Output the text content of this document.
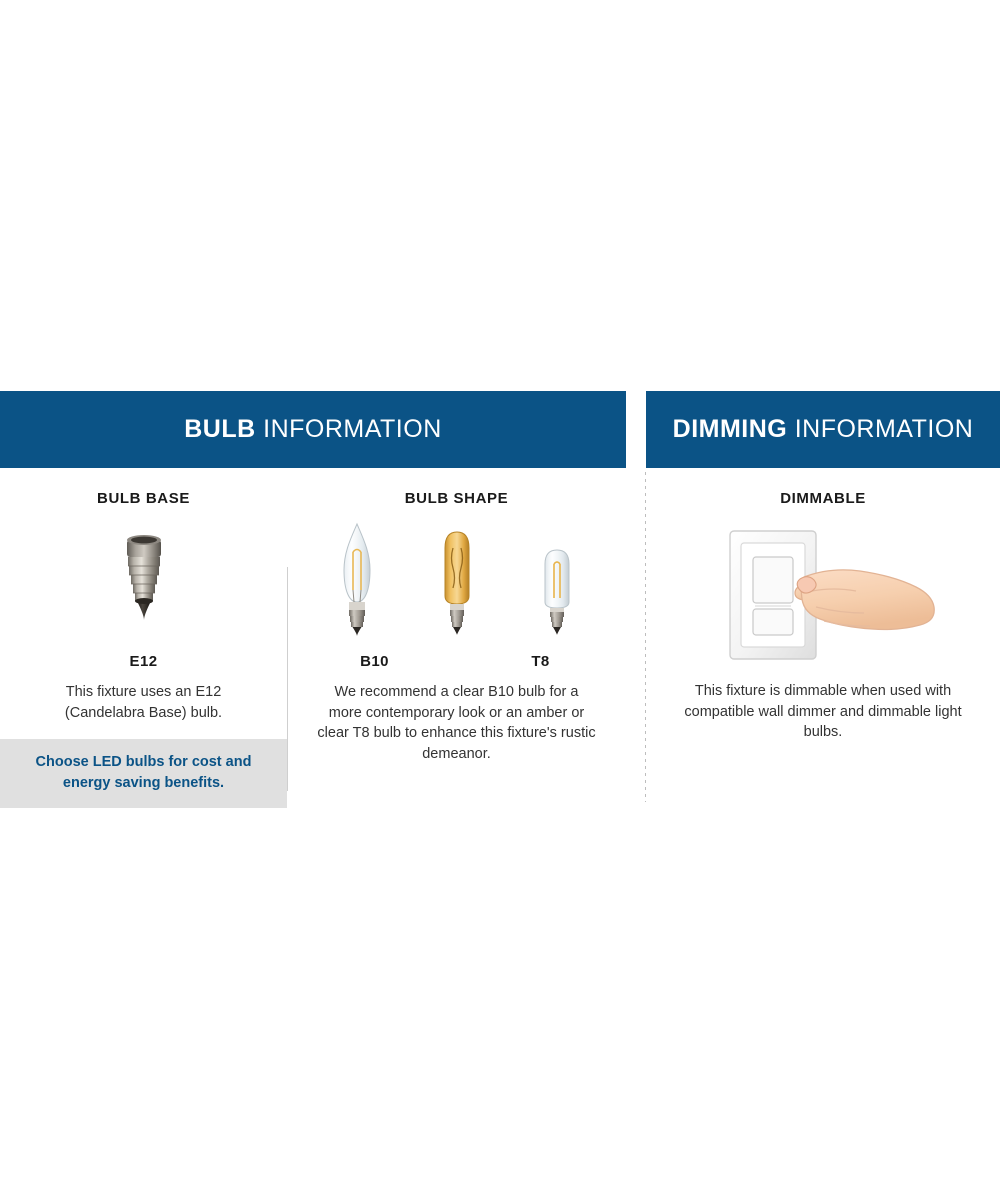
BULB INFORMATION
BULB BASE
E12
This fixture uses an E12 (Candelabra Base) bulb.
Choose LED bulbs for cost and energy saving benefits.
BULB SHAPE
B10	T8
We recommend a clear B10 bulb for a more contemporary look or an amber or clear T8 bulb to enhance this fixture's rustic demeanor.
DIMMING INFORMATION
DIMMABLE
This fixture is dimmable when used with compatible wall dimmer and dimmable light bulbs.
